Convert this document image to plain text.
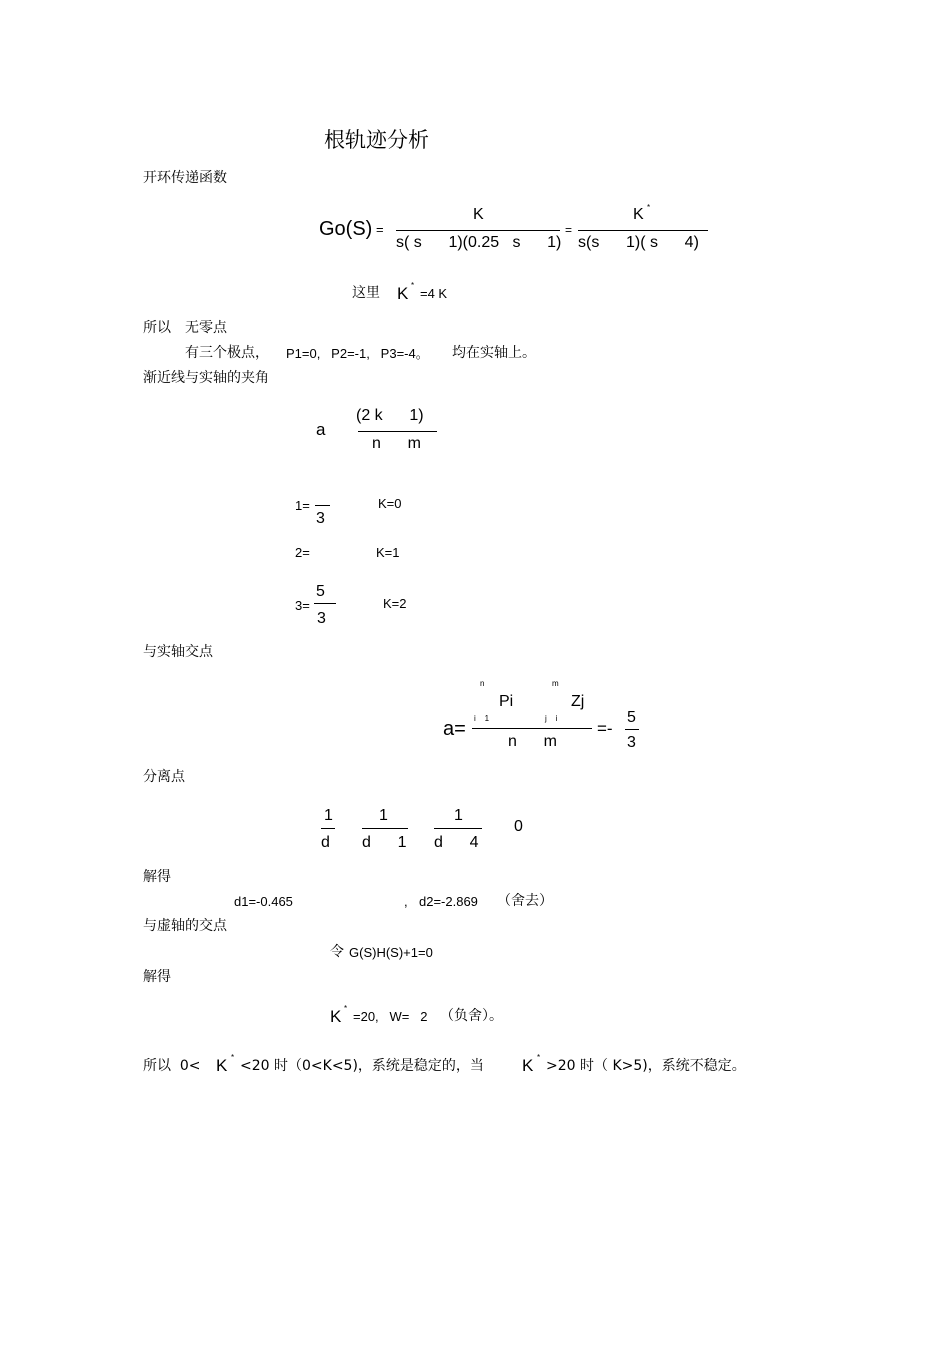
根轨迹分析
开环传递函数
Go(S) =
K
s( s      1)(0.25   s      1)
=
K *
s(s      1)( s      4)
这里 K *
=4 K
所以 无零点
有三个极点， P1=0,   P2=-1,   P3=-4。 均在实轴上。
渐近线与实轴的夹角
a
(2 k      1)
n      m
1=
3
K=0
2=	K=1
3=
5
3
K=2
与实轴交点
n	m
Pi	Zj
i    1	j    i
a=
n      m
=-
5
3
分离点
1
d
1
d      1
1
d      4
0
解得
d1=-0.465	, d2=-2.869 （舍去）
与虚轴的交点
令 G(S)H(S)+1=0
解得
K *
=20,   W=   2 （负舍）。
所以  0< K *
<20 时（0<K<5)，系统是稳定的，当 K *
>20 时（ K>5)，系统不稳定。
